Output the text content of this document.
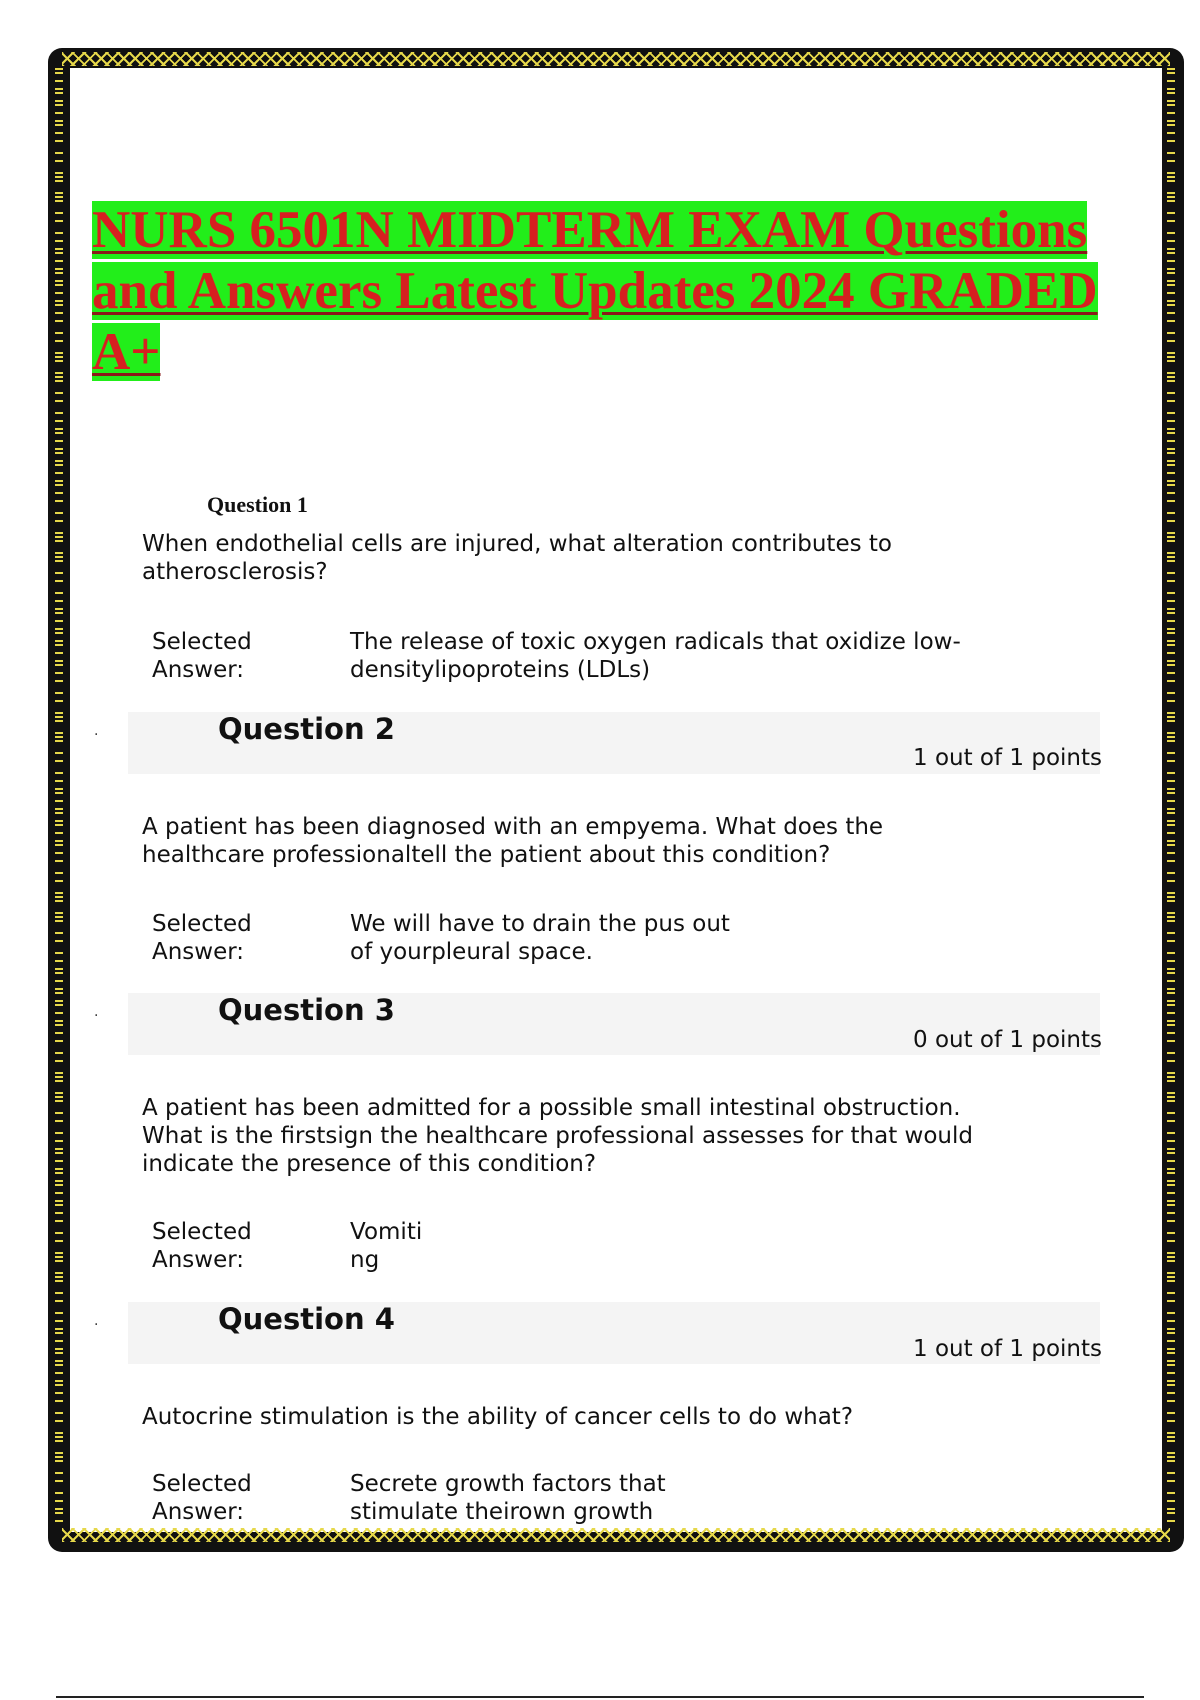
NURS 6501N MIDTERM EXAM Questions
and Answers Latest Updates 2024 GRADED
A+

Question 1
When endothelial cells are injured, what alteration contributes to
atherosclerosis?
Selected
Answer:
The release of toxic oxygen radicals that oxidize low-
densitylipoproteins (LDLs)
.	Question 2
1 out of 1 points
A patient has been diagnosed with an empyema. What does the
healthcare professionaltell the patient about this condition?
Selected
Answer:
We will have to drain the pus out
of yourpleural space.
.	Question 3
0 out of 1 points
A patient has been admitted for a possible small intestinal obstruction.
What is the firstsign the healthcare professional assesses for that would
indicate the presence of this condition?
Selected
Answer:
Vomiti
ng
.	Question 4
1 out of 1 points
Autocrine stimulation is the ability of cancer cells to do what?
Selected
Answer:
Secrete growth factors that
stimulate theirown growth
